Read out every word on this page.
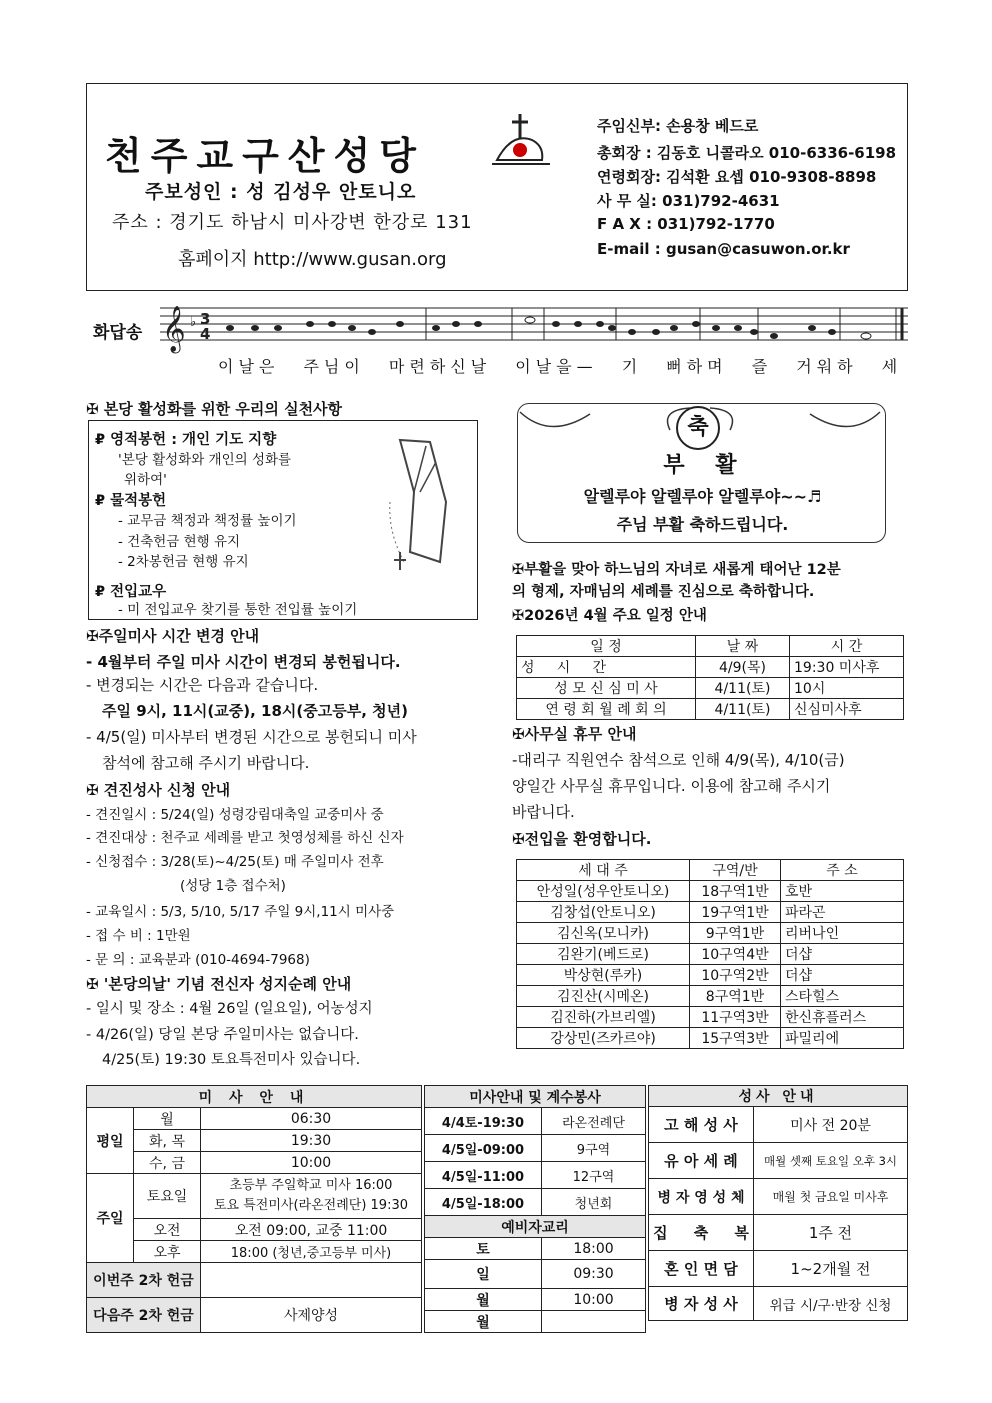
천주교구산성당
주보성인 : 성 김성우 안토니오
주소 : 경기도 하남시 미사강변 한강로 131
홈페이지 http://www.gusan.org
주임신부: 손용창 베드로
총회장 : 김동호 니콜라오 010-6336-6198
연령회장: 김석환 요셉 010-9308-8898
사 무 실: 031)792-4631
F A X : 031)792-1770
E-mail : gusan@casuwon.or.kr
화답송 𝄞 ♭ 3
4
이날은 주님이 마련하신날 이날을— 기 뻐하며 즐 거워하 세
✠ 본당 활성화를 위한 우리의 실천사항
₽ 영적봉헌 : 개인 기도 지향
'본당 활성화와 개인의 성화를
위하여'
₽ 물적봉헌
- 교무금 책정과 책정률 높이기
- 건축헌금 현행 유지
- 2차봉헌금 현행 유지
₽ 전입교우
- 미 전입교우 찾기를 통한 전입률 높이기
✠주일미사 시간 변경 안내
- 4월부터 주일 미사 시간이 변경되 봉헌됩니다.
- 변경되는 시간은 다음과 같습니다.
주일 9시, 11시(교중), 18시(중고등부, 청년)
- 4/5(일) 미사부터 변경된 시간으로 봉헌되니 미사
참석에 참고해 주시기 바랍니다.
✠ 견진성사 신청 안내
- 견진일시 : 5/24(일) 성령강림대축일 교중미사 중
- 견진대상 : 천주교 세례를 받고 첫영성체를 하신 신자
- 신청접수 : 3/28(토)~4/25(토) 매 주일미사 전후
(성당 1층 접수처)
- 교육일시 : 5/3, 5/10, 5/17 주일 9시,11시 미사중
- 접 수 비 : 1만원
- 문 의 : 교육분과 (010-4694-7968)
✠ '본당의날' 기념 전신자 성지순례 안내
- 일시 및 장소 : 4월 26일 (일요일), 어농성지
- 4/26(일) 당일 본당 주일미사는 없습니다.
4/25(토) 19:30 토요특전미사 있습니다.
축
부    활
알렐루야 알렐루야 알렐루야~~♬
주님 부활 축하드립니다.
✠부활을 맞아 하느님의 자녀로 새롭게 태어난 12분
의 형제, 자매님의 세례를 진심으로 축하합니다.
✠2026년 4월 주요 일정 안내
일 정	날 짜	시 간
성     시     간	4/9(목)	19:30 미사후
성 모 신 심 미 사	4/11(토)	10시
연 령 회 월 례 회 의	4/11(토)	신심미사후
✠사무실 휴무 안내
-대리구 직원연수 참석으로 인해 4/9(목), 4/10(금)
양일간 사무실 휴무입니다. 이용에 참고해 주시기
바랍니다.
✠전입을 환영합니다.
세 대 주	구역/반	주 소
안성일(성우안토니오)	18구역1반	호반
김창섭(안토니오)	19구역1반	파라곤
김신옥(모니카)	9구역1반	리버나인
김완기(베드로)	10구역4반	더샵
박상현(루카)	10구역2반	더샵
김진산(시메온)	8구역1반	스타힐스
김진하(가브리엘)	11구역3반	한신휴플러스
강상민(즈카르야)	15구역3반	파밀리에
미 사 안 내		
평일	월	06:30
	화, 목	19:30
	수, 금	10:00
주일	토요일	초등부 주일학교 미사 16:00
토요 특전미사(라온전례단) 19:30

	오전	오전 09:00, 교중 11:00
	오후	18:00 (청년,중고등부 미사)
이번주 2차 헌금		
다음주 2차 헌금		사제양성
미사안내 및 계수봉사	
4/4토-19:30	라온전례단
4/5일-09:00	9구역
4/5일-11:00	12구역
4/5일-18:00	청년회
예비자교리	
토	18:00
일	09:30
월	10:00
월	
성사 안내	
고 해 성 사	미사 전 20분
유 아 세 례	매월 셋째 토요일 오후 3시
병 자 영 성 체	매월 첫 금요일 미사후
집     축     복	1주 전
혼 인 면 담	1~2개월 전
병 자 성 사	위급 시/구·반장 신청
